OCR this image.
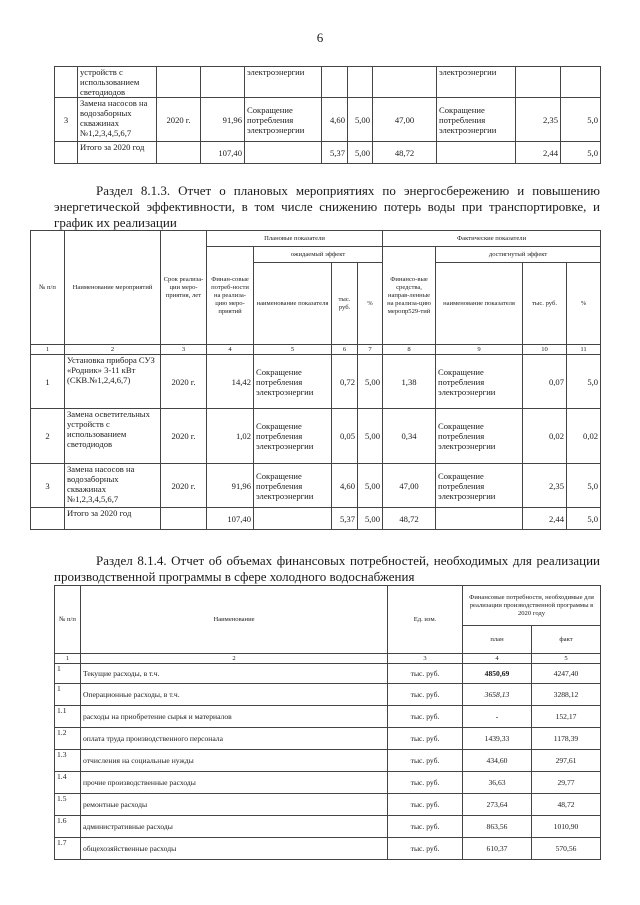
6
	устройств с использованием светодиодов			электроэнергии				электроэнергии		
3	Замена насосов на водозаборных скважинах №1,2,3,4,5,6,7	2020 г.	91,96	Сокращение потребления электроэнергии	4,60	5,00	47,00	Сокращение потребления электроэнергии	2,35	5,0
	Итого за 2020 год		107,40		5,37	5,00	48,72		2,44	5,0
Раздел 8.1.3. Отчет о плановых мероприятиях по энергосбережению и повышению энергетической эффективности, в том числе снижению потерь воды при транспортировке, и график их реализации
№ п/п	Наименование мероприятий	Срок реализа-ции меро-приятия, лет	Плановые показатели				Фактические показатели			
			Финан-совые потреб-ности на реализа-цию меро-приятий	ожидаемый эффект			Финансо-вые средства, направ-ленные на реализа-цию меропр529-тий	достигнутый эффект		
				наименование показателя	тыс. руб.	%		наименование показателя	тыс. руб.	%
1	2	3	4	5	6	7	8	9	10	11
1	Установка прибора СУЗ «Родник» 3-11 кВт (СКВ.№1,2,4,6,7)	2020 г.	14,42	Сокращение потребления электроэнергии	0,72	5,00	1,38	Сокращение потребления электроэнергии	0,07	5,0
2	Замена осветительных устройств с использованием светодиодов	2020 г.	1,02	Сокращение потребления электроэнергии	0,05	5,00	0,34	Сокращение потребления электроэнергии	0,02	0,02
3	Замена насосов на водозаборных скважинах №1,2,3,4,5,6,7	2020 г.	91,96	Сокращение потребления электроэнергии	4,60	5,00	47,00	Сокращение потребления электроэнергии	2,35	5,0
	Итого за 2020 год		107,40		5,37	5,00	48,72		2,44	5,0
Раздел 8.1.4. Отчет об объемах финансовых потребностей, необходимых для реализации производственной программы в сфере холодного водоснабжения
№ п/п	Наименование	Ед. изм.	Финансовые потребности, необходимые для реализации производственной программы в 2020 году	
			план	факт
1	2	3	4	5
1	Текущие расходы, в т.ч.	тыс. руб.	4850,69	4247,40
1	Операционные расходы, в т.ч.	тыс. руб.	3658,13	3288,12
1.1	расходы на приобретение сырья и материалов	тыс. руб.	-	152,17
1.2	оплата труда производственного персонала	тыс. руб.	1439,33	1178,39
1.3	отчисления на социальные нужды	тыс. руб.	434,60	297,61
1.4	прочие производственные расходы	тыс. руб.	36,63	29,77
1.5	ремонтные расходы	тыс. руб.	273,64	48,72
1.6	административные расходы	тыс. руб.	863,56	1010,90
1.7	общехозяйственные расходы	тыс. руб.	610,37	570,56
